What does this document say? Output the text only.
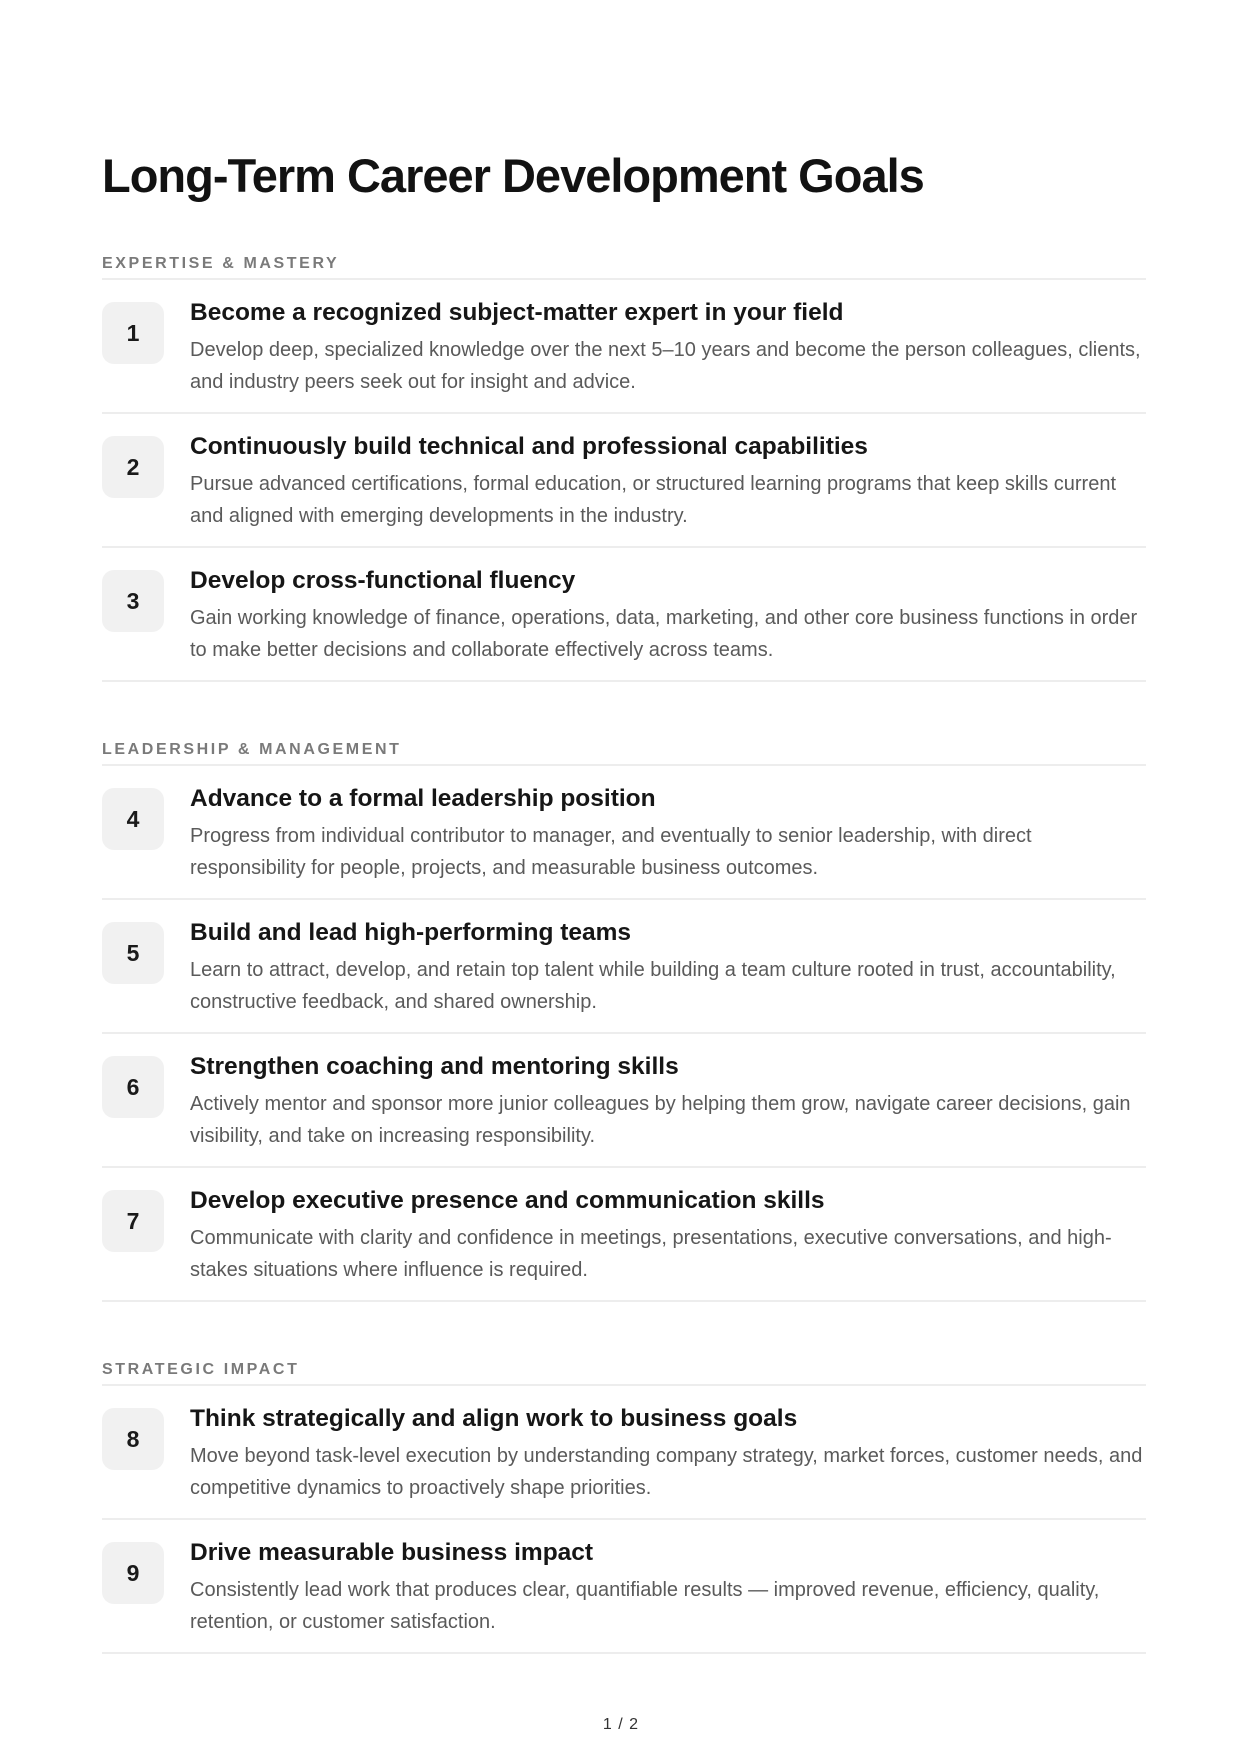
Long-Term Career Development Goals
EXPERTISE & MASTERY
1
Become a recognized subject-matter expert in your field
Develop deep, specialized knowledge over the next 5–10 years and become the person colleagues, clients, and industry peers seek out for insight and advice.
2
Continuously build technical and professional capabilities
Pursue advanced certifications, formal education, or structured learning programs that keep skills current and aligned with emerging developments in the industry.
3
Develop cross-functional fluency
Gain working knowledge of finance, operations, data, marketing, and other core business functions in order to make better decisions and collaborate effectively across teams.
LEADERSHIP & MANAGEMENT
4
Advance to a formal leadership position
Progress from individual contributor to manager, and eventually to senior leadership, with direct responsibility for people, projects, and measurable business outcomes.
5
Build and lead high-performing teams
Learn to attract, develop, and retain top talent while building a team culture rooted in trust, accountability, constructive feedback, and shared ownership.
6
Strengthen coaching and mentoring skills
Actively mentor and sponsor more junior colleagues by helping them grow, navigate career decisions, gain visibility, and take on increasing responsibility.
7
Develop executive presence and communication skills
Communicate with clarity and confidence in meetings, presentations, executive conversations, and high-stakes situations where influence is required.
STRATEGIC IMPACT
8
Think strategically and align work to business goals
Move beyond task-level execution by understanding company strategy, market forces, customer needs, and competitive dynamics to proactively shape priorities.
9
Drive measurable business impact
Consistently lead work that produces clear, quantifiable results — improved revenue, efficiency, quality, retention, or customer satisfaction.
1 / 2
